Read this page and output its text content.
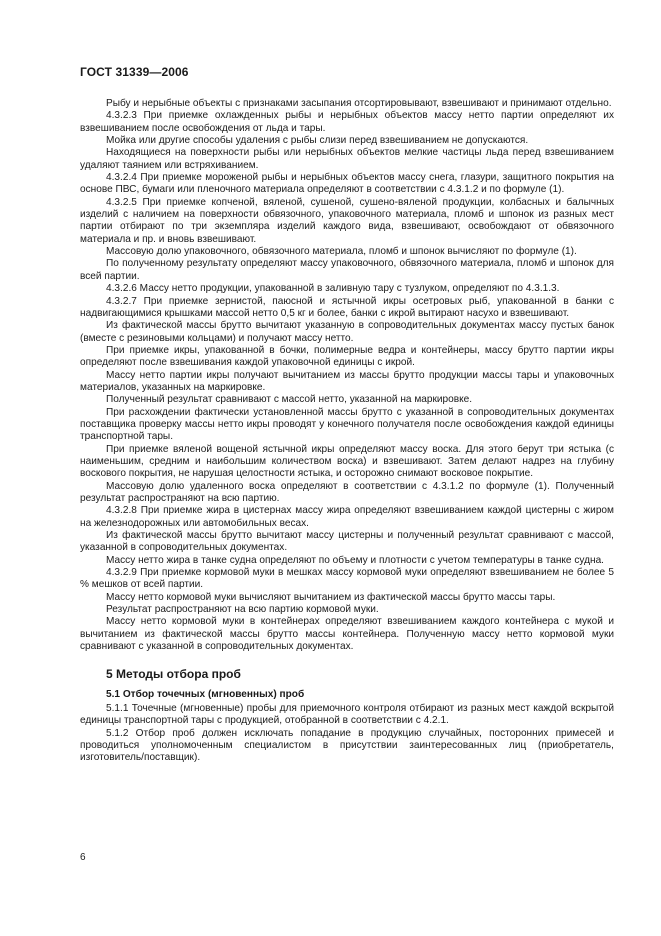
ГОСТ 31339—2006

Рыбу и нерыбные объекты с признаками засыпания отсортировывают, взвешивают и принимают отдельно.

4.3.2.3 При приемке охлажденных рыбы и нерыбных объектов массу нетто партии определяют их взвешиванием после освобождения от льда и тары.

Мойка или другие способы удаления с рыбы слизи перед взвешиванием не допускаются.

Находящиеся на поверхности рыбы или нерыбных объектов мелкие частицы льда перед взвешиванием удаляют таянием или встряхиванием.

4.3.2.4 При приемке мороженой рыбы и нерыбных объектов массу снега, глазури, защитного покрытия на основе ПВС, бумаги или пленочного материала определяют в соответствии с 4.3.1.2 и по формуле (1).

4.3.2.5 При приемке копченой, вяленой, сушеной, сушено-вяленой продукции, колбасных и балычных изделий с наличием на поверхности обвязочного, упаковочного материала, пломб и шпонок из разных мест партии отбирают по три экземпляра изделий каждого вида, взвешивают, освобождают от обвязочного материала и пр. и вновь взвешивают.

Массовую долю упаковочного, обвязочного материала, пломб и шпонок вычисляют по формуле (1).

По полученному результату определяют массу упаковочного, обвязочного материала, пломб и шпонок для всей партии.

4.3.2.6 Массу нетто продукции, упакованной в заливную тару с тузлуком, определяют по 4.3.1.3.

4.3.2.7 При приемке зернистой, паюсной и ястычной икры осетровых рыб, упакованной в банки с надвигающимися крышками массой нетто 0,5 кг и более, банки с икрой вытирают насухо и взвешивают.

Из фактической массы брутто вычитают указанную в сопроводительных документах массу пустых банок (вместе с резиновыми кольцами) и получают массу нетто.

При приемке икры, упакованной в бочки, полимерные ведра и контейнеры, массу брутто партии икры определяют после взвешивания каждой упаковочной единицы с икрой.

Массу нетто партии икры получают вычитанием из массы брутто продукции массы тары и упаковочных материалов, указанных на маркировке.

Полученный результат сравнивают с массой нетто, указанной на маркировке.

При расхождении фактически установленной массы брутто с указанной в сопроводительных документах поставщика проверку массы нетто икры проводят у конечного получателя после освобождения каждой единицы транспортной тары.

При приемке вяленой вощеной ястычной икры определяют массу воска. Для этого берут три ястыка (с наименьшим, средним и наибольшим количеством воска) и взвешивают. Затем делают надрез на глубину воскового покрытия, не нарушая целостности ястыка, и осторожно снимают восковое покрытие.

Массовую долю удаленного воска определяют в соответствии с 4.3.1.2 по формуле (1). Полученный результат распространяют на всю партию.

4.3.2.8 При приемке жира в цистернах массу жира определяют взвешиванием каждой цистерны с жиром на железнодорожных или автомобильных весах.

Из фактической массы брутто вычитают массу цистерны и полученный результат сравнивают с массой, указанной в сопроводительных документах.

Массу нетто жира в танке судна определяют по объему и плотности с учетом температуры в танке судна.

4.3.2.9 При приемке кормовой муки в мешках массу кормовой муки определяют взвешиванием не более 5 % мешков от всей партии.

Массу нетто кормовой муки вычисляют вычитанием из фактической массы брутто массы тары.

Результат распространяют на всю партию кормовой муки.

Массу нетто кормовой муки в контейнерах определяют взвешиванием каждого контейнера с мукой и вычитанием из фактической массы брутто массы контейнера. Полученную массу нетто кормовой муки сравнивают с указанной в сопроводительных документах.

5 Методы отбора проб
5.1 Отбор точечных (мгновенных) проб

5.1.1 Точечные (мгновенные) пробы для приемочного контроля отбирают из разных мест каждой вскрытой единицы транспортной тары с продукцией, отобранной в соответствии с 4.2.1.

5.1.2 Отбор проб должен исключать попадание в продукцию случайных, посторонних примесей и проводиться уполномоченным специалистом в присутствии заинтересованных лиц (приобретатель, изготовитель/поставщик).

6
